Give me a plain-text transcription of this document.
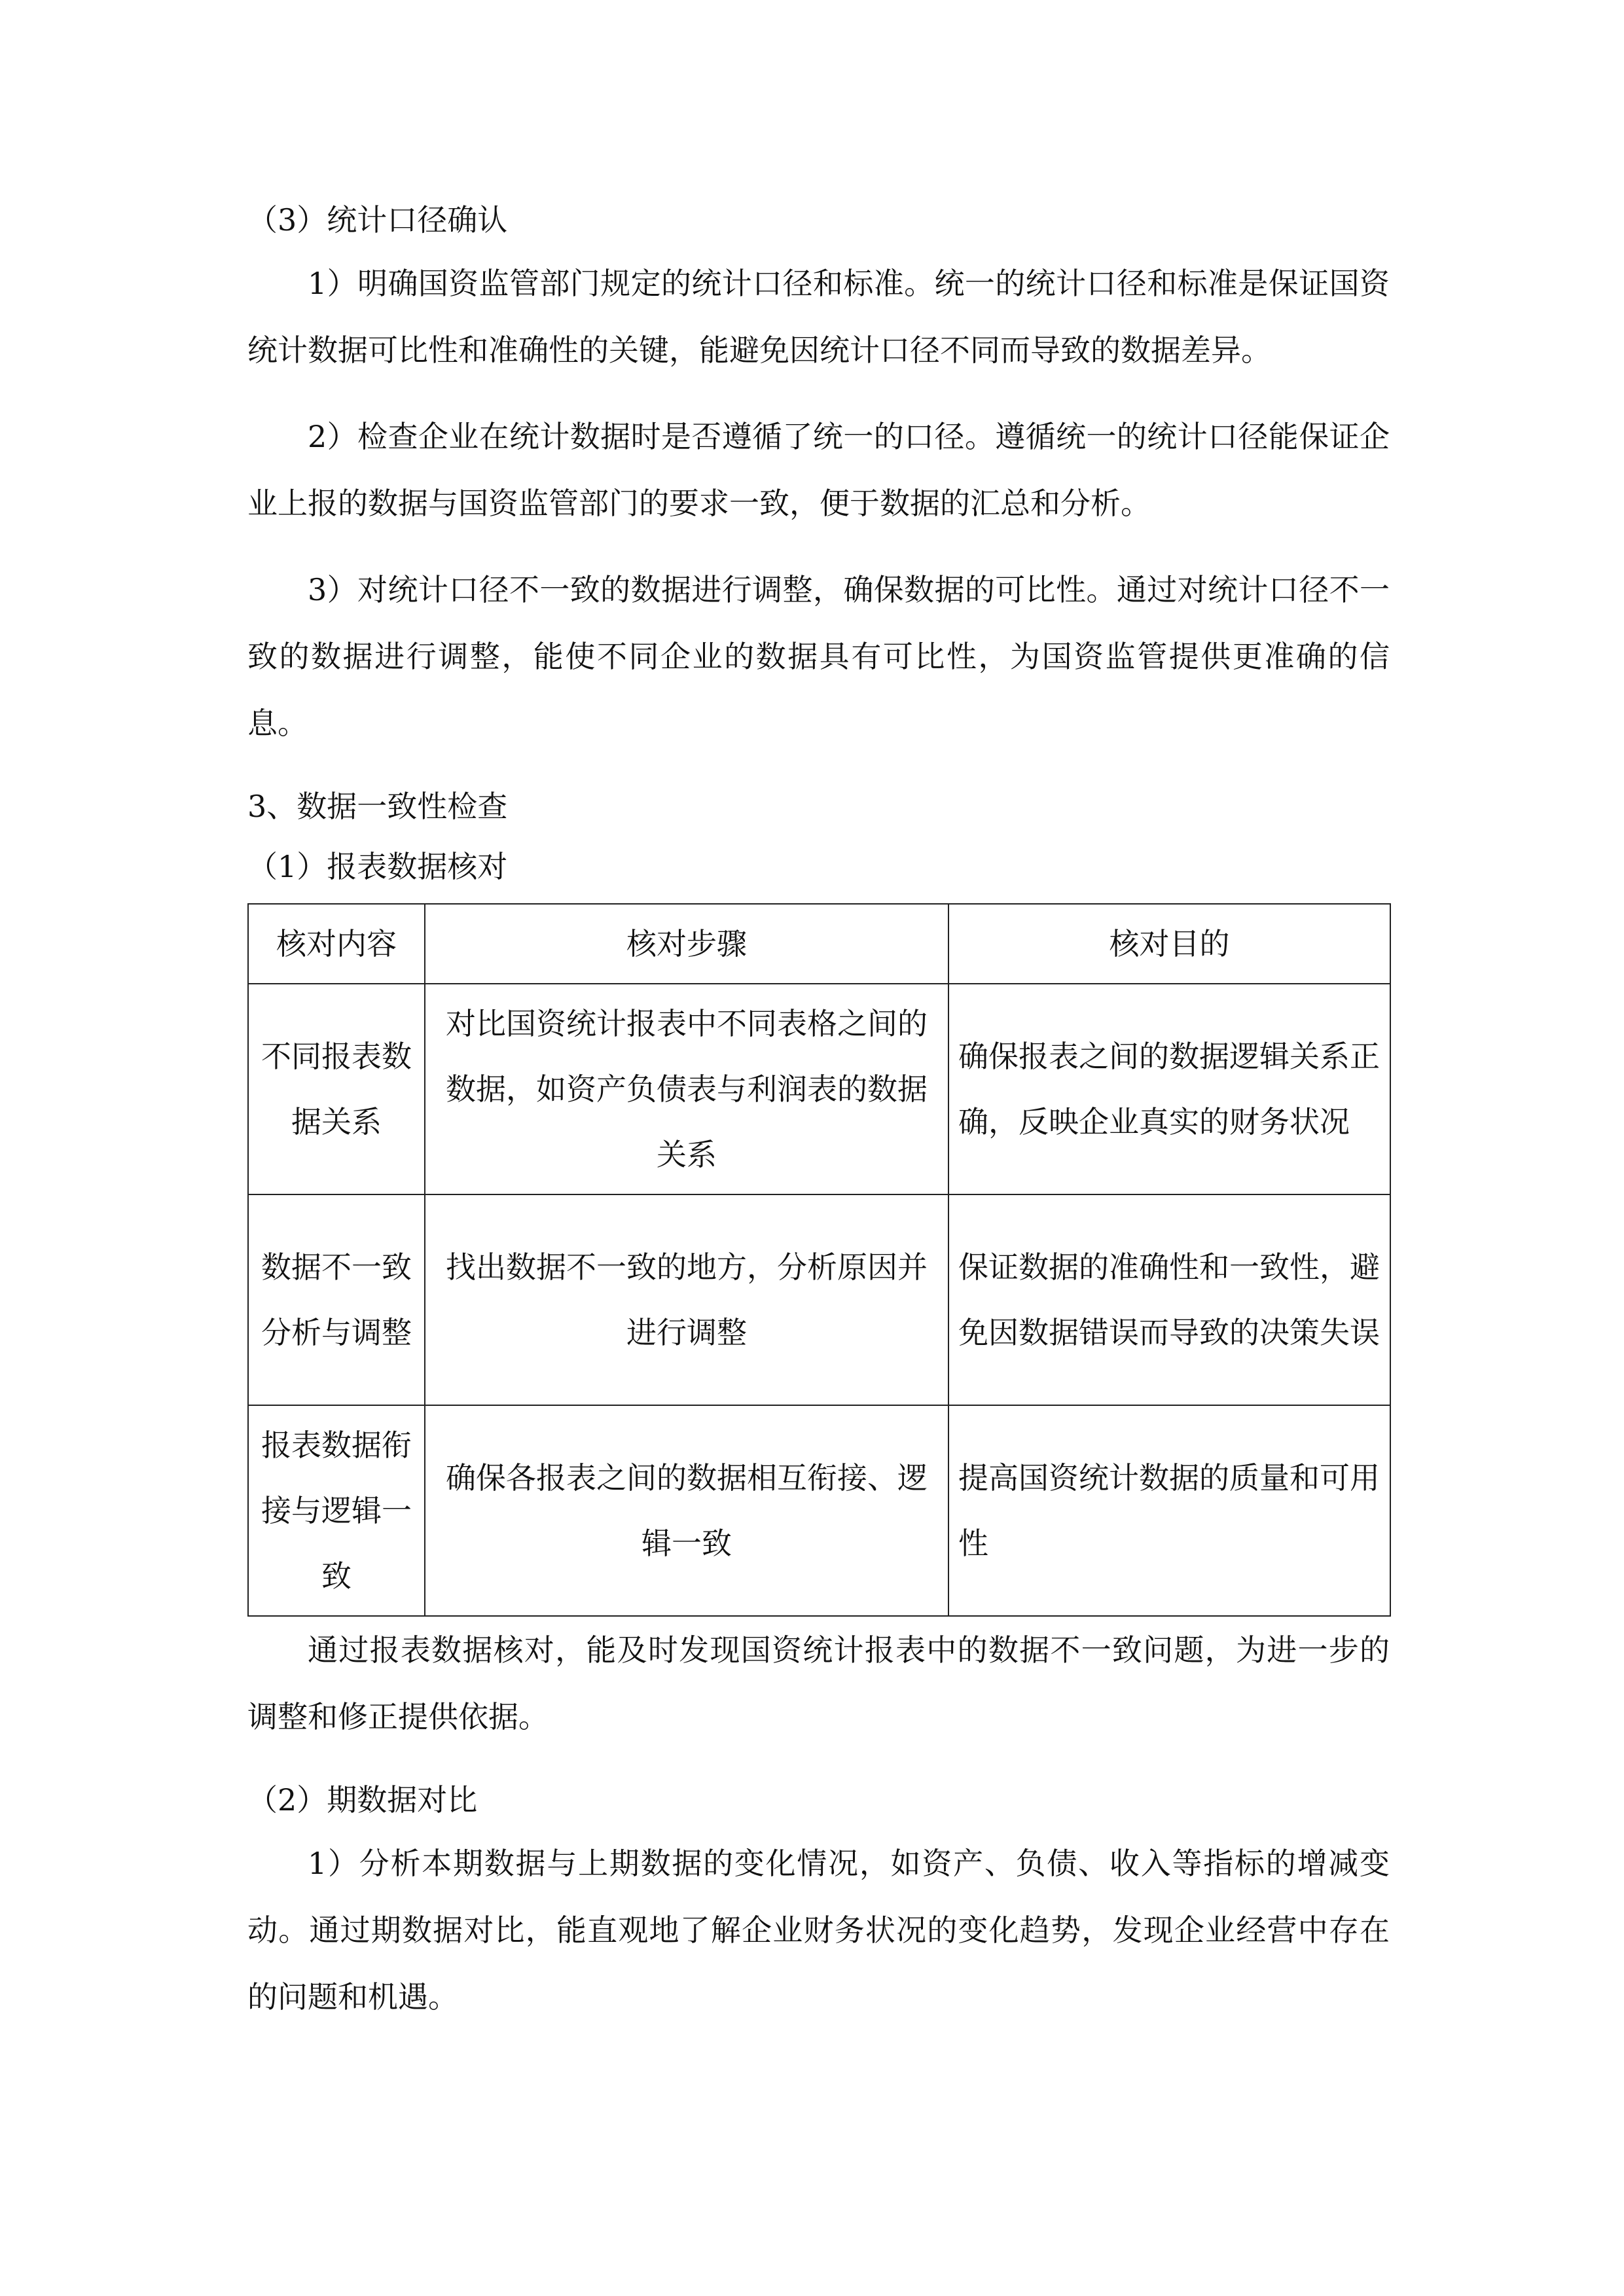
（3）统计口径确认

1）明确国资监管部门规定的统计口径和标准。统一的统计口径和标准是保证国资统计数据可比性和准确性的关键，能避免因统计口径不同而导致的数据差异。

2）检查企业在统计数据时是否遵循了统一的口径。遵循统一的统计口径能保证企业上报的数据与国资监管部门的要求一致，便于数据的汇总和分析。

3）对统计口径不一致的数据进行调整，确保数据的可比性。通过对统计口径不一致的数据进行调整，能使不同企业的数据具有可比性，为国资监管提供更准确的信息。

3、数据一致性检查

（1）报表数据核对

核对内容	核对步骤	核对目的
不同报表数据关系	对比国资统计报表中不同表格之间的数据，如资产负债表与利润表的数据关系	确保报表之间的数据逻辑关系正确，反映企业真实的财务状况
数据不一致分析与调整	找出数据不一致的地方，分析原因并进行调整	保证数据的准确性和一致性，避免因数据错误而导致的决策失误
报表数据衔接与逻辑一致	确保各报表之间的数据相互衔接、逻辑一致	提高国资统计数据的质量和可用性

通过报表数据核对，能及时发现国资统计报表中的数据不一致问题，为进一步的调整和修正提供依据。

（2）期数据对比

1）分析本期数据与上期数据的变化情况，如资产、负债、收入等指标的增减变动。通过期数据对比，能直观地了解企业财务状况的变化趋势，发现企业经营中存在的问题和机遇。
